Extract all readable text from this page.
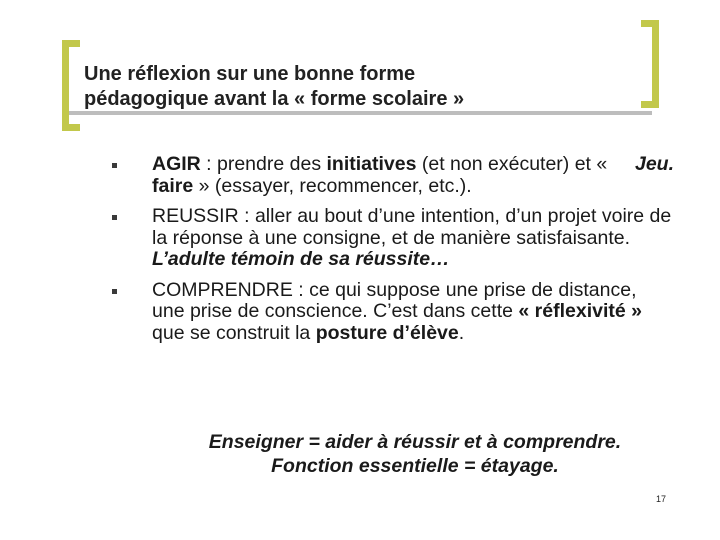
Une réflexion sur une bonne forme
pédagogique avant la « forme scolaire »
Jeu.
AGIR : prendre des initiatives (et non exécuter) et « faire » (essayer, recommencer, etc.).
REUSSIR : aller au bout d’une intention, d’un projet voire de la réponse à une consigne, et de manière satisfaisante. L’adulte témoin de sa réussite…
COMPRENDRE : ce qui suppose une prise de distance, une prise de conscience. C’est dans cette « réflexivité » que se construit la posture d’élève.
Enseigner = aider à réussir et à comprendre.
Fonction essentielle = étayage.
17
